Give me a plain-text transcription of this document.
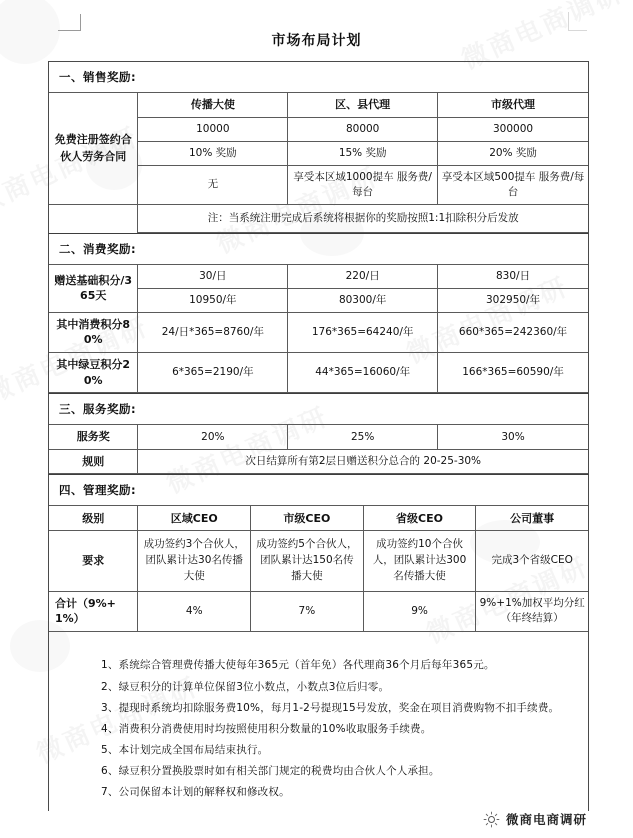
市场布局计划
一、销售奖励:
免费注册签约合伙人劳务合同	传播大使	区、县代理	市级代理
	10000	80000	300000
	10% 奖励	15% 奖励	20% 奖励
	无	享受本区域1000提车 服务费/每台	享受本区域500提车 服务费/每台
	注：当系统注册完成后系统将根据你的奖励按照1:1扣除积分后发放		
二、消费奖励:
赠送基础积分/365天	30/日	220/日	830/日
	10950/年	80300/年	302950/年
其中消费积分80%	24/日*365=8760/年	176*365=64240/年	660*365=242360/年
其中绿豆积分20%	6*365=2190/年	44*365=16060/年	166*365=60590/年
三、服务奖励:
服务奖	20%	25%	30%
规则	次日结算所有第2层日赠送积分总合的 20-25-30%		
四、管理奖励:
级别	区域CEO	市级CEO	省级CEO	公司董事
要求	成功签约3个合伙人，团队累计达30名传播大使	成功签约5个合伙人，团队累计达150名传播大使	成功签约10个合伙人，团队累计达300名传播大使	完成3个省级CEO
合计（9%+1%）	4%	7%	9%	9%+1%加权平均分红（年终结算）
1、系统综合管理费传播大使每年365元（首年免）各代理商36个月后每年365元。
2、绿豆积分的计算单位保留3位小数点，小数点3位后归零。
3、提现时系统均扣除服务费10%，每月1-2号提现15号发放，奖金在项目消费购物不扣手续费。
4、消费积分消费使用时均按照使用积分数量的10%收取服务手续费。
5、本计划完成全国布局结束执行。
6、绿豆积分置换股票时如有相关部门规定的税费均由合伙人个人承担。
7、公司保留本计划的解释权和修改权。
微商电商调研
